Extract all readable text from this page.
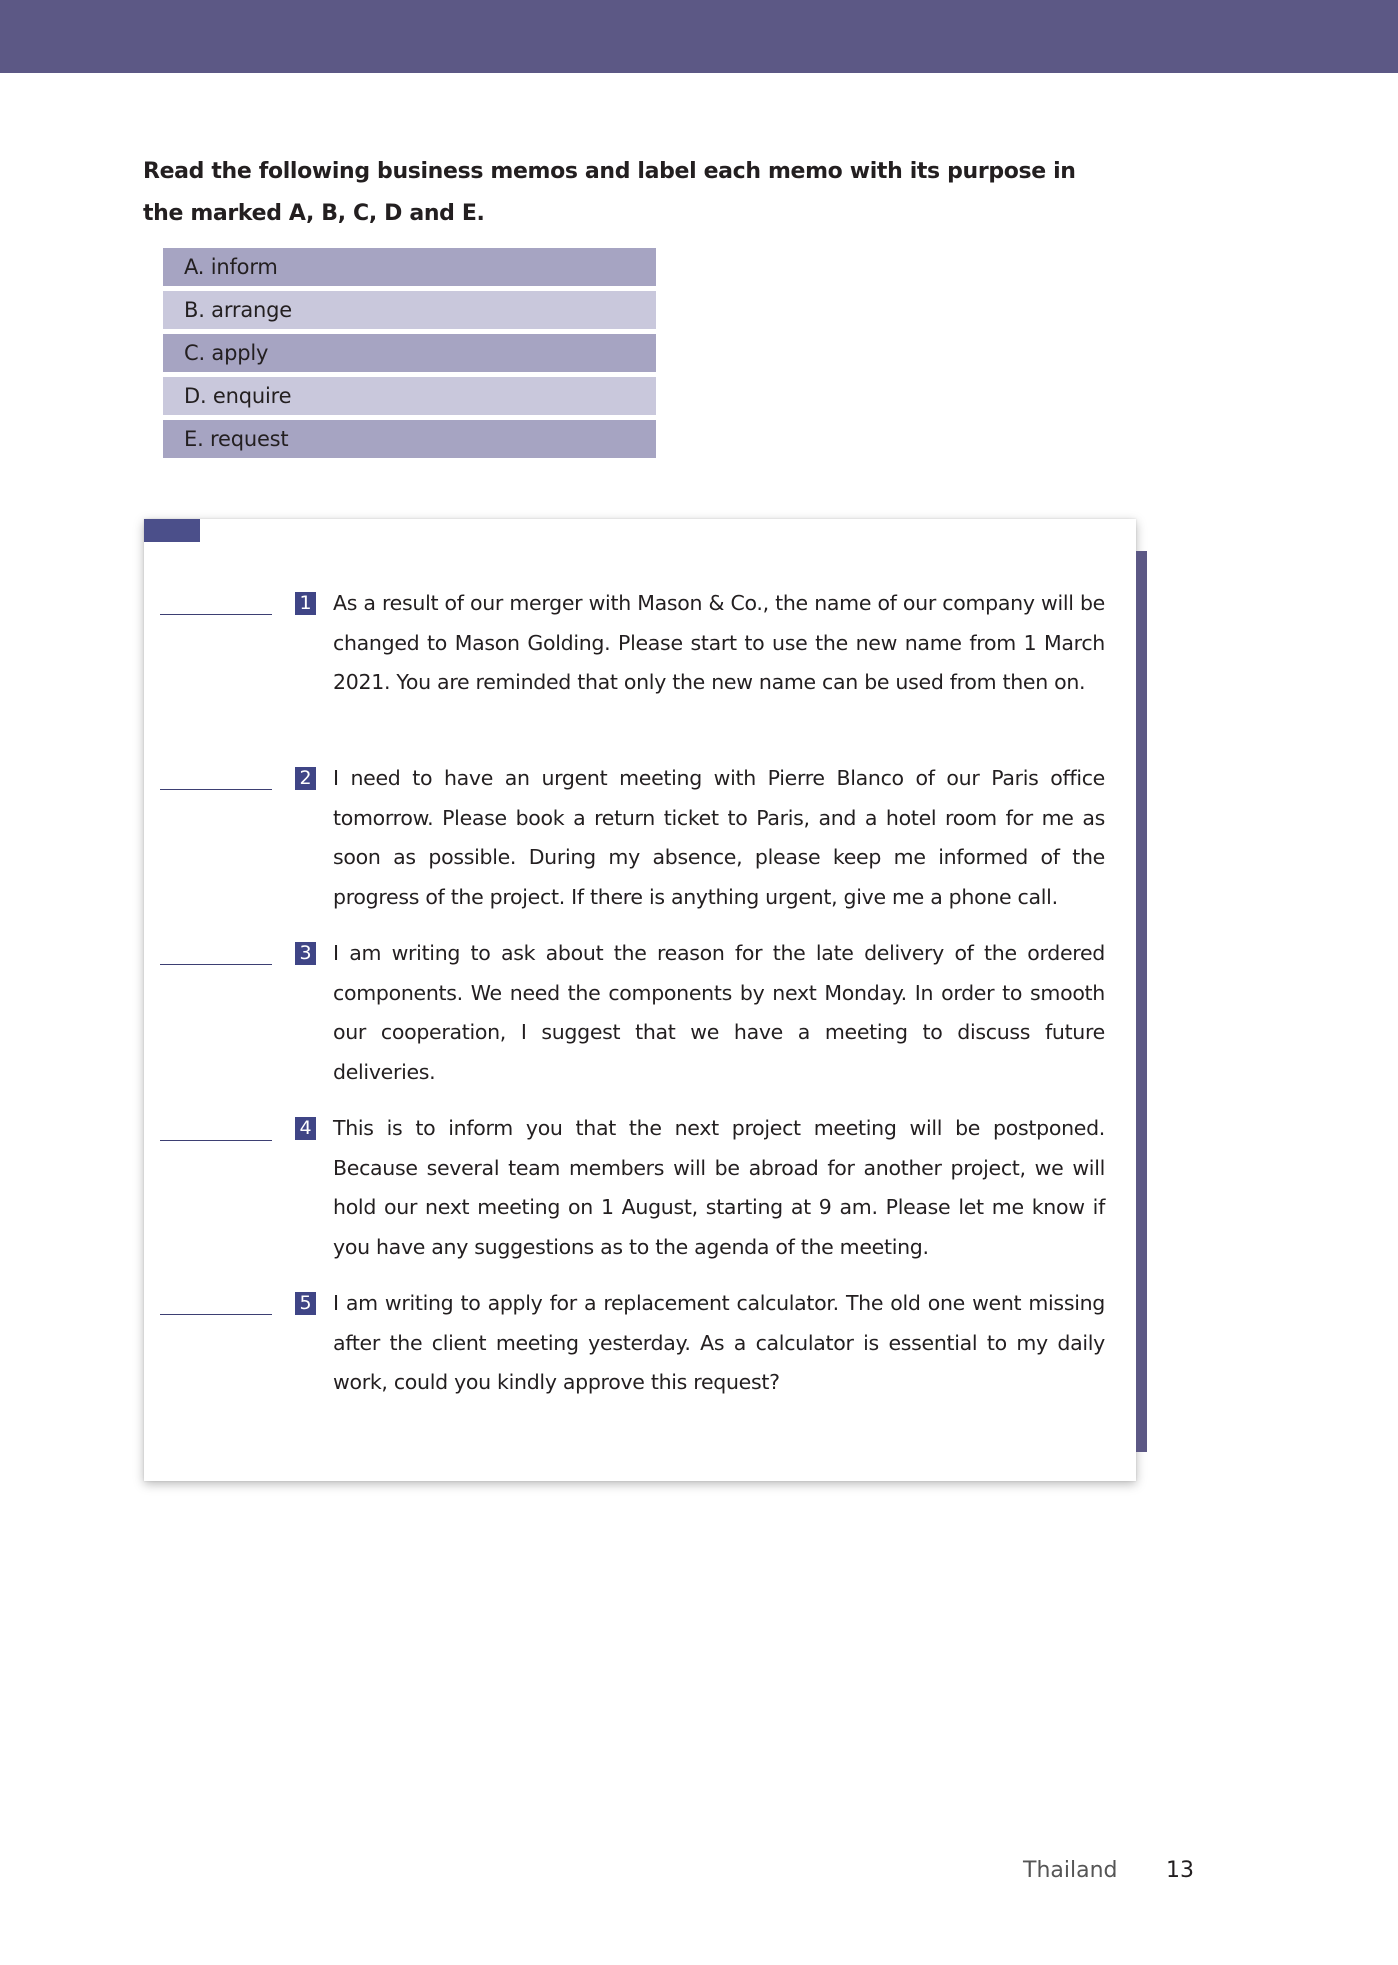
Read the following business memos and label each memo with its purpose in the marked A, B, C, D and E.
A. inform
B. arrange
C. apply
D. enquire
E. request
1 As a result of our merger with Mason & Co., the name of our company will be changed to Mason Golding. Please start to use the new name from 1 March 2021. You are reminded that only the new name can be used from then on.
2 I need to have an urgent meeting with Pierre Blanco of our Paris office tomorrow. Please book a return ticket to Paris, and a hotel room for me as soon as possible. During my absence, please keep me informed of the progress of the project. If there is anything urgent, give me a phone call.
3 I am writing to ask about the reason for the late delivery of the ordered components. We need the components by next Monday. In order to smooth our cooperation, I suggest that we have a meeting to discuss future deliveries.
4 This is to inform you that the next project meeting will be postponed. Because several team members will be abroad for another project, we will hold our next meeting on 1 August, starting at 9 am. Please let me know if you have any suggestions as to the agenda of the meeting.
5 I am writing to apply for a replacement calculator. The old one went missing after the client meeting yesterday. As a calculator is essential to my daily work, could you kindly approve this request?
Thailand 13
